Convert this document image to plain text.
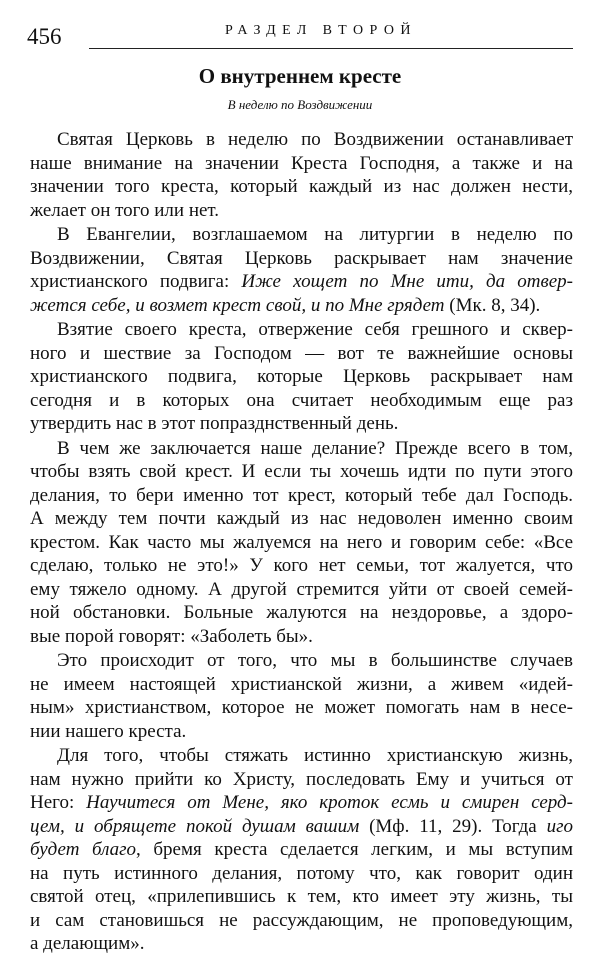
456	РАЗДЕЛ ВТОРОЙ
О внутреннем кресте
В неделю по Воздвижении

Святая Церковь в неделю по Воздвижении останавливает
наше внимание на значении Креста Господня, а также и на
значении того креста, который каждый из нас должен нести,
желает он того или нет.

В Евангелии, возглашаемом на литургии в неделю по
Воздвижении, Святая Церковь раскрывает нам значение
христианского подвига: Иже хощет по Мне ити, да отвер-
жется себе, и возмет крест свой, и по Мне грядет (Мк. 8, 34).

Взятие своего креста, отвержение себя грешного и сквер-
ного и шествие за Господом — вот те важнейшие основы
христианского подвига, которые Церковь раскрывает нам
сегодня и в которых она считает необходимым еще раз
утвердить нас в этот попразднственный день.

В чем же заключается наше делание? Прежде всего в том,
чтобы взять свой крест. И если ты хочешь идти по пути этого
делания, то бери именно тот крест, который тебе дал Господь.
А между тем почти каждый из нас недоволен именно своим
крестом. Как часто мы жалуемся на него и говорим себе: «Все
сделаю, только не это!» У кого нет семьи, тот жалуется, что
ему тяжело одному. А другой стремится уйти от своей семей-
ной обстановки. Больные жалуются на нездоровье, а здоро-
вые порой говорят: «Заболеть бы».

Это происходит от того, что мы в большинстве случаев
не имеем настоящей христианской жизни, а живем «идей-
ным» христианством, которое не может помогать нам в несе-
нии нашего креста.

Для того, чтобы стяжать истинно христианскую жизнь,
нам нужно прийти ко Христу, последовать Ему и учиться от
Него: Научитеся от Мене, яко кроток есмь и смирен серд-
цем, и обрящете покой душам вашим (Мф. 11, 29). Тогда иго
будет благо, бремя креста сделается легким, и мы вступим
на путь истинного делания, потому что, как говорит один
святой отец, «прилепившись к тем, кто имеет эту жизнь, ты
и сам становишься не рассуждающим, не проповедующим,
а делающим».
